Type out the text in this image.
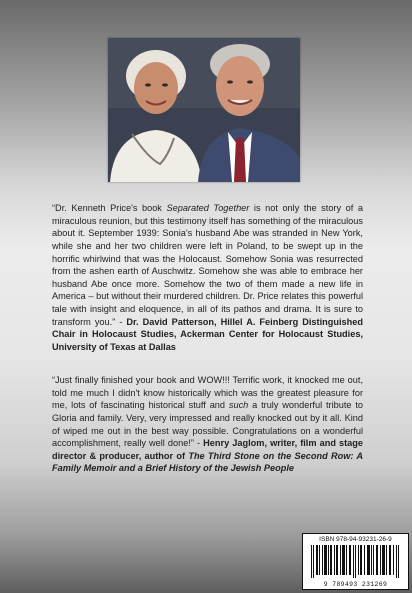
“Dr. Kenneth Price's book Separated Together is not only the story of a miraculous reunion, but this testimony itself has something of the miraculous about it. September 1939: Sonia's husband Abe was stranded in New York, while she and her two children were left in Poland, to be swept up in the horrific whirlwind that was the Holocaust. Somehow Sonia was resurrected from the ashen earth of Auschwitz. Somehow she was able to embrace her husband Abe once more. Somehow the two of them made a new life in America – but without their murdered children. Dr. Price relates this powerful tale with insight and eloquence, in all of its pathos and drama. It is sure to transform you.” - Dr. David Patterson, Hillel A. Feinberg Distinguished Chair in Holocaust Studies, Ackerman Center for Holocaust Studies, University of Texas at Dallas

“Just finally finished your book and WOW!!! Terrific work, it knocked me out, told me much I didn't know historically which was the greatest pleasure for me, lots of fascinating historical stuff and such a truly wonderful tribute to Gloria and family. Very, very impressed and really knocked out by it all. Kind of wiped me out in the best way possible. Congratulations on a wonderful accomplishment, really well done!” - Henry Jaglom, writer, film and stage director & producer, author of The Third Stone on the Second Row: A Family Memoir and a Brief History of the Jewish People

ISBN 978-94-93231-26-9
9 789493 231269
